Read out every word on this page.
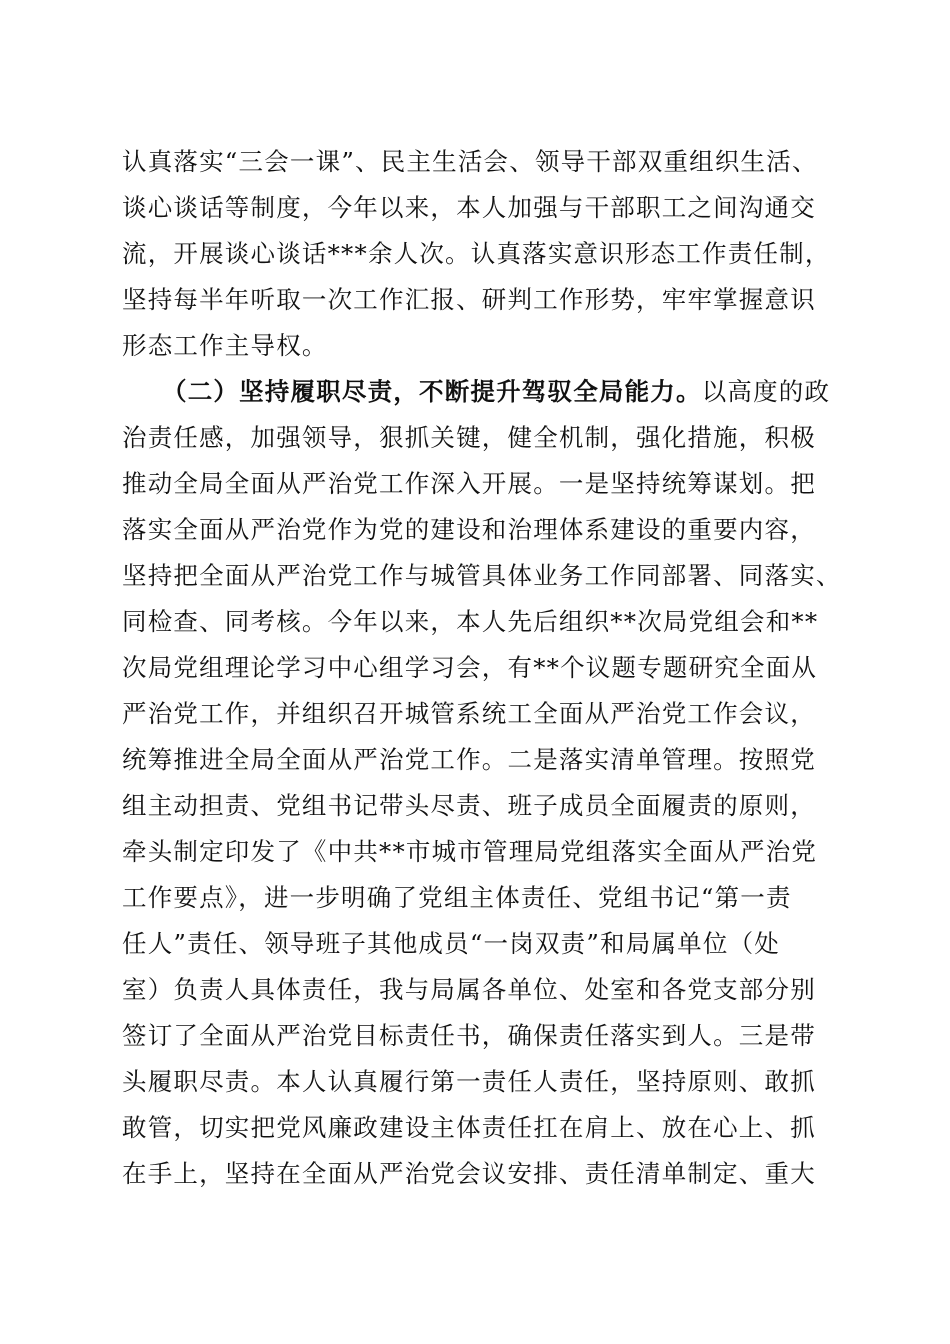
认真落实“三会一课”、民主生活会、领导干部双重组织生活、
谈心谈话等制度，今年以来，本人加强与干部职工之间沟通交
流，开展谈心谈话***余人次。认真落实意识形态工作责任制，
坚持每半年听取一次工作汇报、研判工作形势，牢牢掌握意识
形态工作主导权。
（二）坚持履职尽责，不断提升驾驭全局能力。以高度的政
治责任感，加强领导，狠抓关键，健全机制，强化措施，积极
推动全局全面从严治党工作深入开展。一是坚持统筹谋划。把
落实全面从严治党作为党的建设和治理体系建设的重要内容，
坚持把全面从严治党工作与城管具体业务工作同部署、同落实、
同检查、同考核。今年以来，本人先后组织**次局党组会和**
次局党组理论学习中心组学习会，有**个议题专题研究全面从
严治党工作，并组织召开城管系统工全面从严治党工作会议，
统筹推进全局全面从严治党工作。二是落实清单管理。按照党
组主动担责、党组书记带头尽责、班子成员全面履责的原则，
牵头制定印发了《中共**市城市管理局党组落实全面从严治党
工作要点》，进一步明确了党组主体责任、党组书记“第一责
任人”责任、领导班子其他成员“一岗双责”和局属单位（处
室）负责人具体责任，我与局属各单位、处室和各党支部分别
签订了全面从严治党目标责任书，确保责任落实到人。三是带
头履职尽责。本人认真履行第一责任人责任，坚持原则、敢抓
敢管，切实把党风廉政建设主体责任扛在肩上、放在心上、抓
在手上，坚持在全面从严治党会议安排、责任清单制定、重大
